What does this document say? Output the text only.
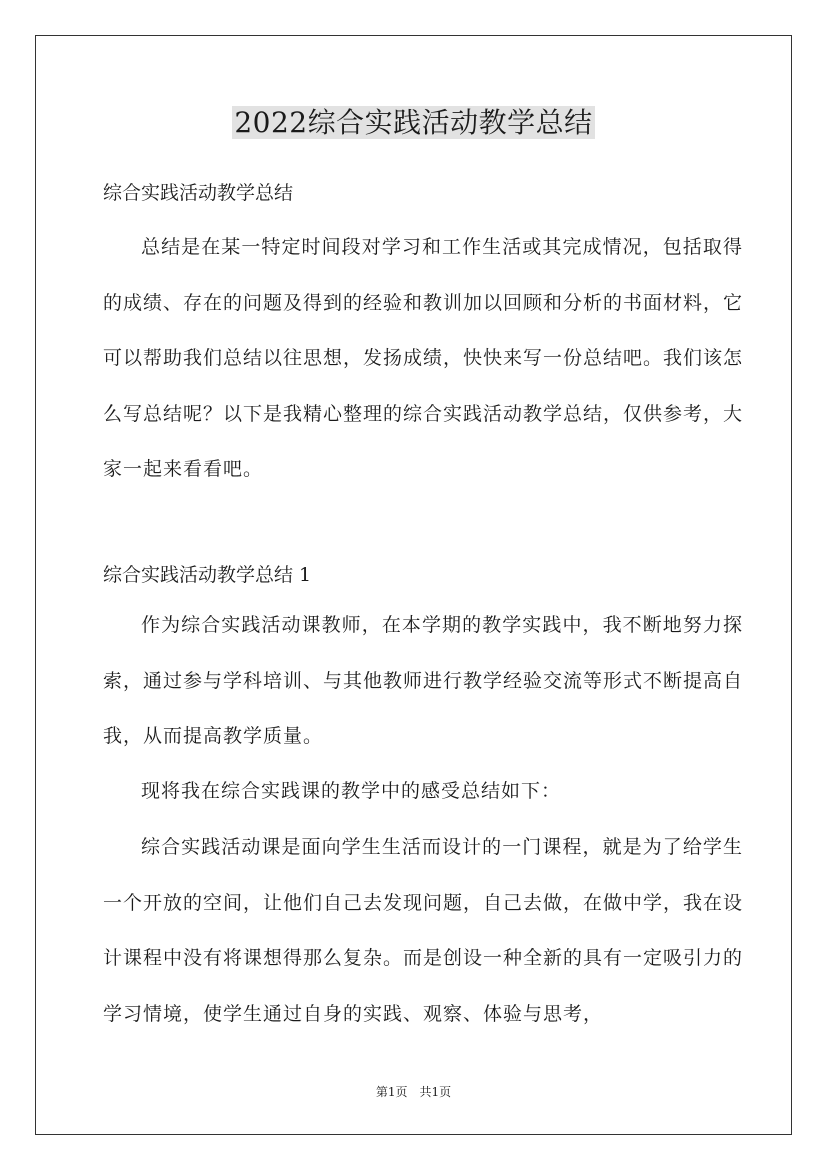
2022综合实践活动教学总结
综合实践活动教学总结
总结是在某一特定时间段对学习和工作生活或其完成情况，包括取得的成绩、存在的问题及得到的经验和教训加以回顾和分析的书面材料，它可以帮助我们总结以往思想，发扬成绩，快快来写一份总结吧。我们该怎么写总结呢？以下是我精心整理的综合实践活动教学总结，仅供参考，大家一起来看看吧。
综合实践活动教学总结 1
作为综合实践活动课教师，在本学期的教学实践中，我不断地努力探索，通过参与学科培训、与其他教师进行教学经验交流等形式不断提高自我，从而提高教学质量。
现将我在综合实践课的教学中的感受总结如下：
综合实践活动课是面向学生生活而设计的一门课程，就是为了给学生一个开放的空间，让他们自己去发现问题，自己去做，在做中学，我在设计课程中没有将课想得那么复杂。而是创设一种全新的具有一定吸引力的学习情境，使学生通过自身的实践、观察、体验与思考，
第1页　共1页
